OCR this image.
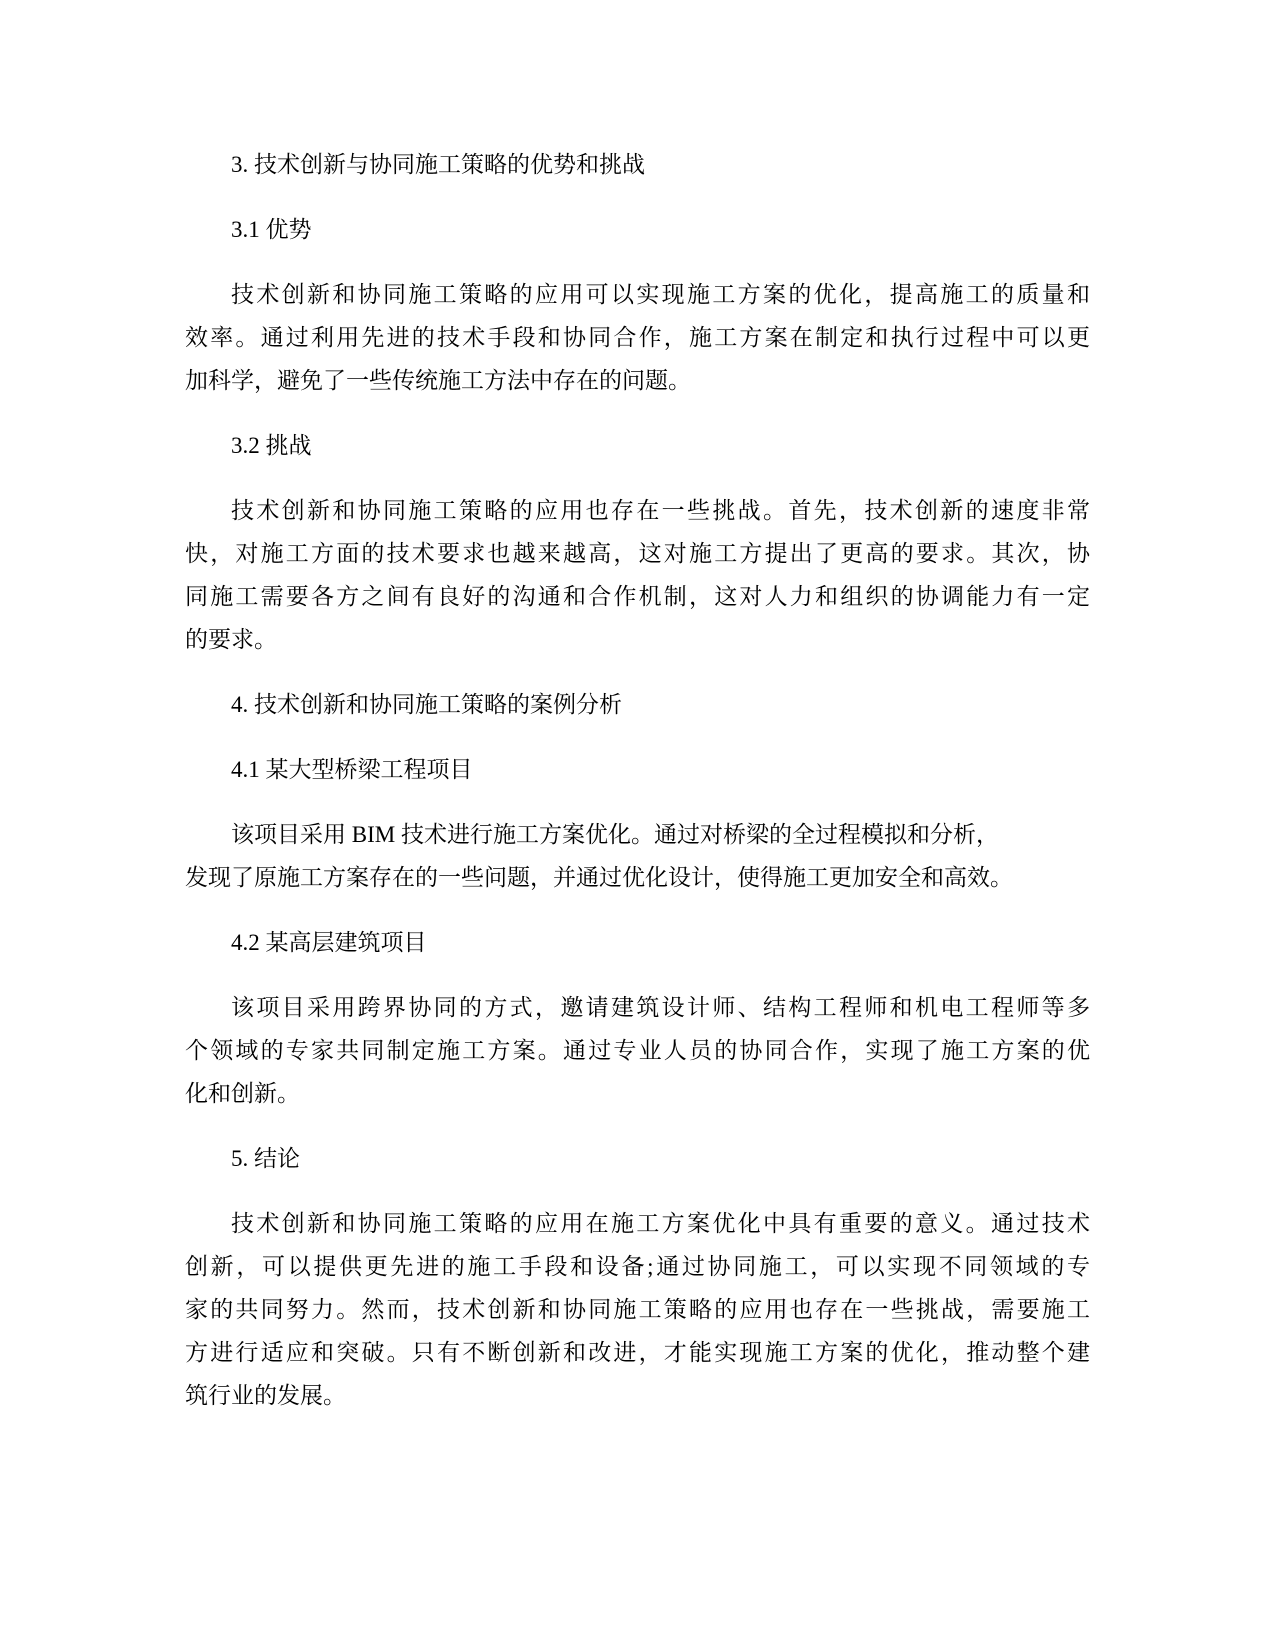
3. 技术创新与协同施工策略的优势和挑战
3.1 优势
技术创新和协同施工策略的应用可以实现施工方案的优化，提高施工的质量和
效率。通过利用先进的技术手段和协同合作，施工方案在制定和执行过程中可以更
加科学，避免了一些传统施工方法中存在的问题。
3.2 挑战
技术创新和协同施工策略的应用也存在一些挑战。首先，技术创新的速度非常
快，对施工方面的技术要求也越来越高，这对施工方提出了更高的要求。其次，协
同施工需要各方之间有良好的沟通和合作机制，这对人力和组织的协调能力有一定
的要求。
4. 技术创新和协同施工策略的案例分析
4.1 某大型桥梁工程项目
该项目采用 BIM 技术进行施工方案优化。通过对桥梁的全过程模拟和分析，
发现了原施工方案存在的一些问题，并通过优化设计，使得施工更加安全和高效。
4.2 某高层建筑项目
该项目采用跨界协同的方式，邀请建筑设计师、结构工程师和机电工程师等多
个领域的专家共同制定施工方案。通过专业人员的协同合作，实现了施工方案的优
化和创新。
5. 结论
技术创新和协同施工策略的应用在施工方案优化中具有重要的意义。通过技术
创新，可以提供更先进的施工手段和设备;通过协同施工，可以实现不同领域的专
家的共同努力。然而，技术创新和协同施工策略的应用也存在一些挑战，需要施工
方进行适应和突破。只有不断创新和改进，才能实现施工方案的优化，推动整个建
筑行业的发展。
